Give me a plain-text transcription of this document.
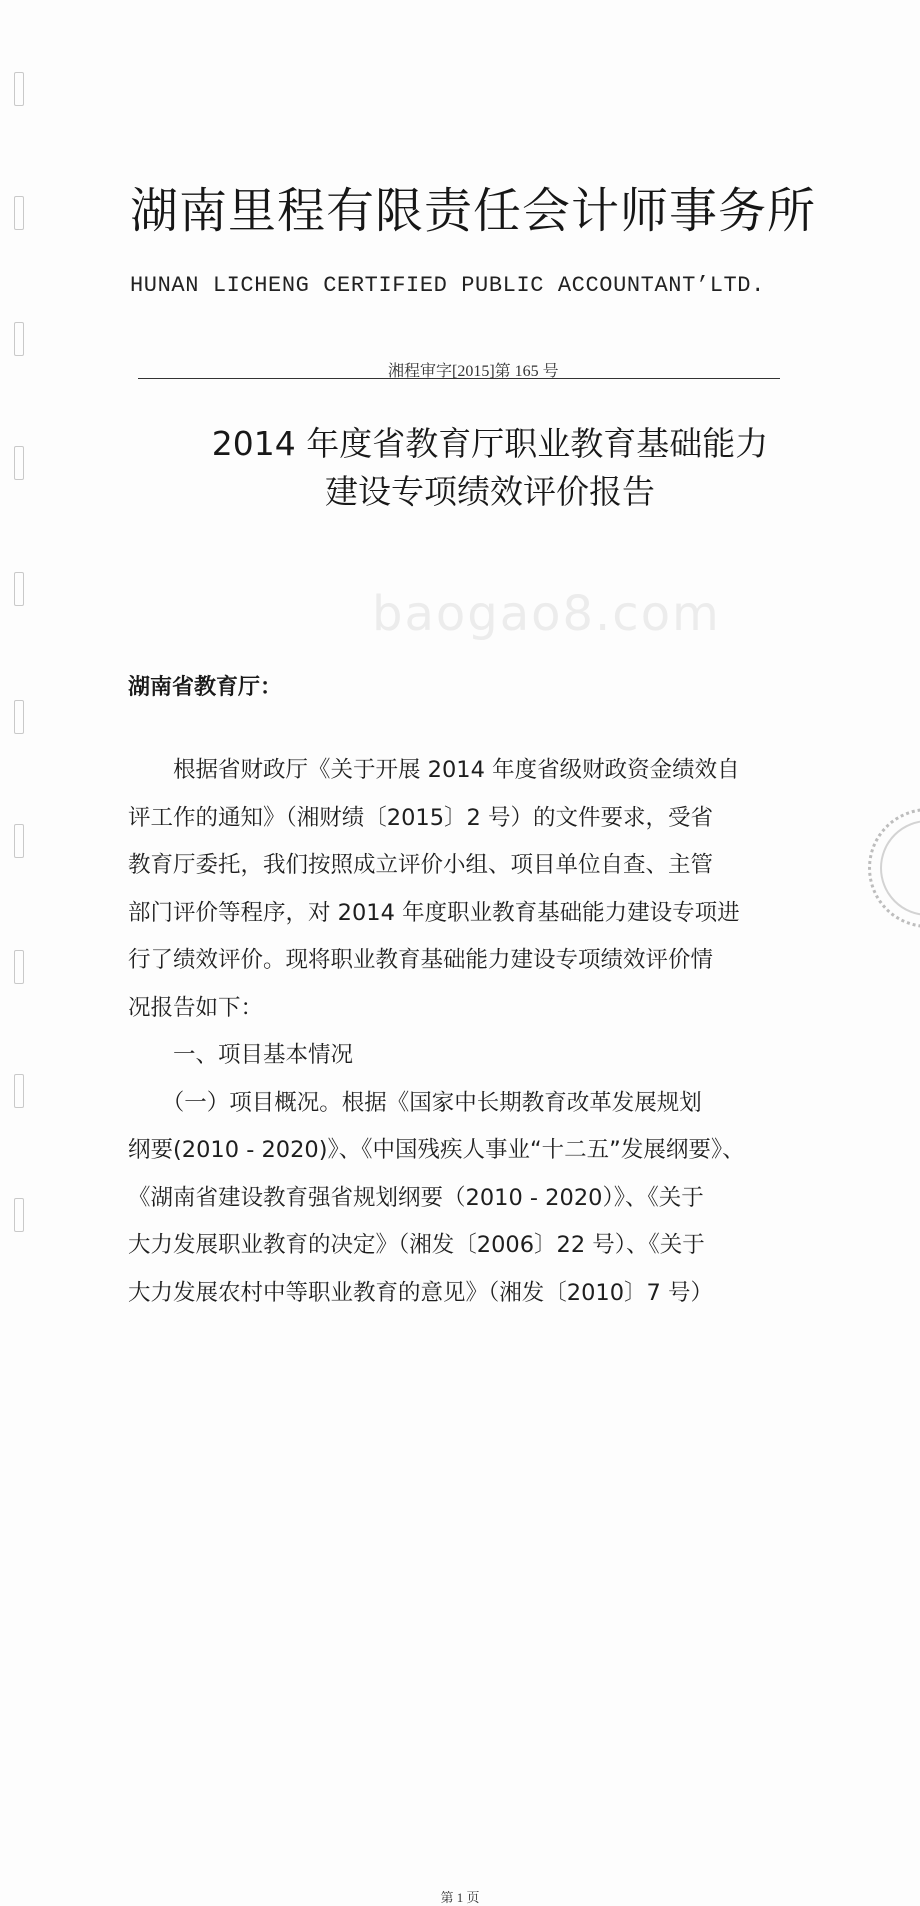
baogao8.com
湖南里程有限责任会计师事务所
HUNAN LICHENG CERTIFIED PUBLIC ACCOUNTANT’LTD.
湘程审字[2015]第 165 号
2014 年度省教育厅职业教育基础能力
建设专项绩效评价报告
湖南省教育厅：
　　根据省财政厅《关于开展 2014 年度省级财政资金绩效自
评工作的通知》（湘财绩〔2015〕2 号）的文件要求，受省
教育厅委托，我们按照成立评价小组、项目单位自查、主管
部门评价等程序，对 2014 年度职业教育基础能力建设专项进
行了绩效评价。现将职业教育基础能力建设专项绩效评价情
况报告如下：
　　一、项目基本情况
　　（一）项目概况。根据《国家中长期教育改革发展规划
纲要(2010 - 2020)》、《中国残疾人事业“十二五”发展纲要》、
《湖南省建设教育强省规划纲要（2010 - 2020）》、《关于
大力发展职业教育的决定》（湘发〔2006〕22 号）、《关于
大力发展农村中等职业教育的意见》（湘发〔2010〕7 号）
第 1 页
